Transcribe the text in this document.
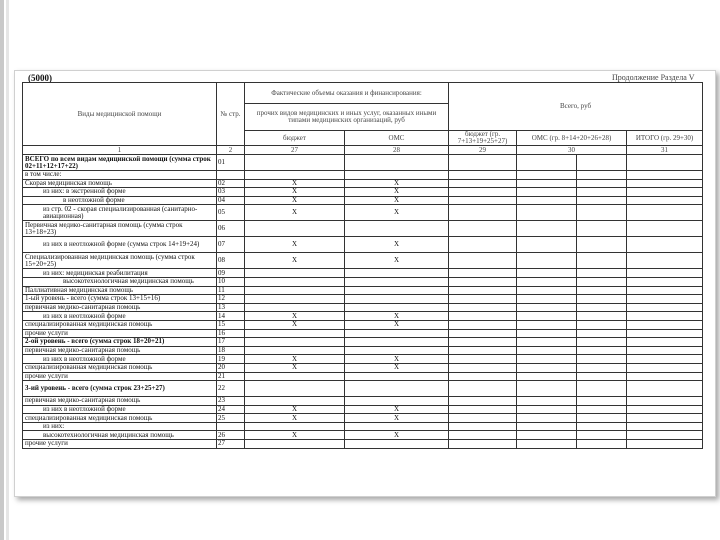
(5000)	Продолжение Раздела V
Виды медицинской помощи	№ стр.	Фактические объемы оказания и финансирования:		Всего, руб			
		прочих видов медицинских и иных услуг, оказанных иными типами медицинских организаций, руб					
		бюджет	ОМС	бюджет (гр. 7+13+19+25+27)	ОМС (гр. 8+14+20+26+28)		ИТОГО (гр. 29+30)
1	2	27	28	29	30		31
ВСЕГО по всем видам медицинской помощи (сумма строк 02+11+12+17+22)	01						
в том числе:							
Скорая медицинская помощь	02	X	X				
из них: в экстренной форме	03	X	X				
в неотложной форме	04	X	X				
из стр. 02 - скорая специализированная (санитарно-авиационная)	05	X	X				
Первичная медико-санитарная помощь (сумма строк 13+18+23)	06						
из них в неотложной форме (сумма строк 14+19+24)	07	X	X				
Специализированная медицинская помощь (сумма строк 15+20+25)	08	X	X				
из них: медицинская реабилитация	09						
высокотехнологичная медицинская помощь	10						
Паллиативная медицинская помощь	11						
1-ый уровень - всего (сумма строк 13+15+16)	12						
первичная медико-санитарная помощь	13						
из них в неотложной форме	14	X	X				
специализированная медицинская помощь	15	X	X				
прочие услуги	16						
2-ой уровень - всего (сумма строк 18+20+21)	17						
первичная медико-санитарная помощь	18						
из них в неотложной форме	19	X	X				
специализированная медицинская помощь	20	X	X				
прочие услуги	21						
3-ий уровень - всего (сумма строк 23+25+27)	22						
первичная медико-санитарная помощь	23						
из них в неотложной форме	24	X	X				
специализированная медицинская помощь	25	X	X				
из них:							
высокотехнологичная медицинская помощь	26	X	X				
прочие услуги	27						
